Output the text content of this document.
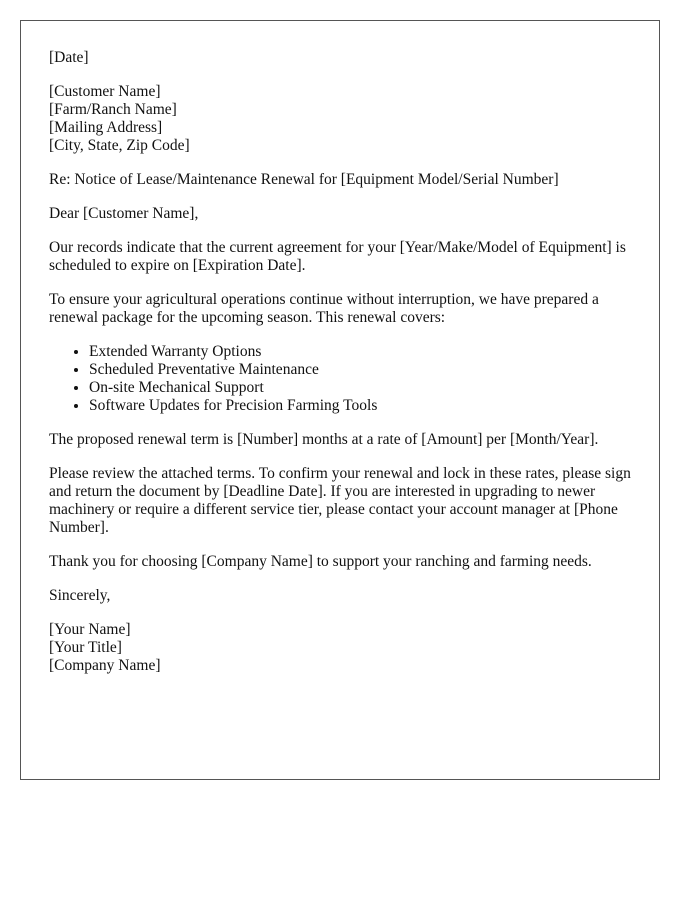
[Date]

[Customer Name]
[Farm/Ranch Name]
[Mailing Address]
[City, State, Zip Code]

Re: Notice of Lease/Maintenance Renewal for [Equipment Model/Serial Number]

Dear [Customer Name],

Our records indicate that the current agreement for your [Year/Make/Model of Equipment] is scheduled to expire on [Expiration Date].

To ensure your agricultural operations continue without interruption, we have prepared a renewal package for the upcoming season. This renewal covers:

• Extended Warranty Options
• Scheduled Preventative Maintenance
• On-site Mechanical Support
• Software Updates for Precision Farming Tools

The proposed renewal term is [Number] months at a rate of [Amount] per [Month/Year].

Please review the attached terms. To confirm your renewal and lock in these rates, please sign and return the document by [Deadline Date]. If you are interested in upgrading to newer machinery or require a different service tier, please contact your account manager at [Phone Number].

Thank you for choosing [Company Name] to support your ranching and farming needs.

Sincerely,

[Your Name]
[Your Title]
[Company Name]
